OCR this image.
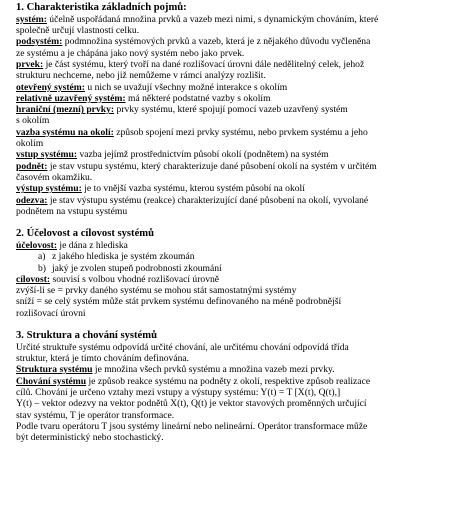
1. Charakteristika základních pojmů:

systém: účelně uspořádaná množina prvků a vazeb mezi nimi, s dynamickým chováním, které

společně určují vlastnosti celku.

podsystém: podmnožina systémových prvků a vazeb, která je z nějakého důvodu vyčleněna

ze systému a je chápána jako nový systém nebo jako prvek.

prvek: je část systému, který tvoří na dané rozlišovací úrovni dále nedělitelný celek, jehož

strukturu nechceme, nebo již nemůžeme v rámci analýzy rozlišit.

otevřený systém: u nich se uvažují všechny možné interakce s okolím

relativně uzavřený systém: má některé podstatné vazby s okolím

hraniční (mezní) prvky: prvky systému, které spojují pomocí vazeb uzavřený systém

s okolím

vazba systému na okolí: způsob spojení mezi prvky systému, nebo prvkem systému a jeho

okolím

vstup systému: vazba jejímž prostřednictvím působí okolí (podnětem) na systém

podnět: je stav vstupu systému, který charakterizuje dané působení okolí na systém v určitém

časovém okamžiku.

výstup systému: je to vnější vazba systému, kterou systém působí na okolí

odezva: je stav výstupu systému (reakce) charakterizující dané působení na okolí, vyvolané

podnětem na vstupu systému

2. Účelovost a cílovost systémů

účelovost: je dána z hlediska

a) z jakého hlediska je systém zkoumán

b) jaký je zvolen stupeň podrobnosti zkoumání

cílovost: souvisí s volbou vhodné rozlišovací úrovně

zvýší-li se = prvky daného systému se mohou stát samostatnými systémy

sníží = se celý systém může stát prvkem systému definovaného na méně podrobnější

rozlišovací úrovni

3. Struktura a chování systémů

Určité struktuře systému odpovídá určité chování, ale určitému chování odpovídá třída

struktur, která je tímto chováním definována.

Struktura systému je množina všech prvků systému a množina vazeb mezi prvky.

Chování systému je způsob reakce systému na podněty z okolí, respektive způsob realizace

cílů. Chování je určeno vztahy mezi vstupy a výstupy systému: Y(t) = T [X(t), Q(t),]

Y(t) – vektor odezvy na vektor podnětů X(t), Q(t) je vektor stavových proměnných určující

stav systému, T je operátor transformace.

Podle tvaru operátoru T jsou systémy lineární nebo nelineární. Operátor transformace může

být deterministický nebo stochastický.
